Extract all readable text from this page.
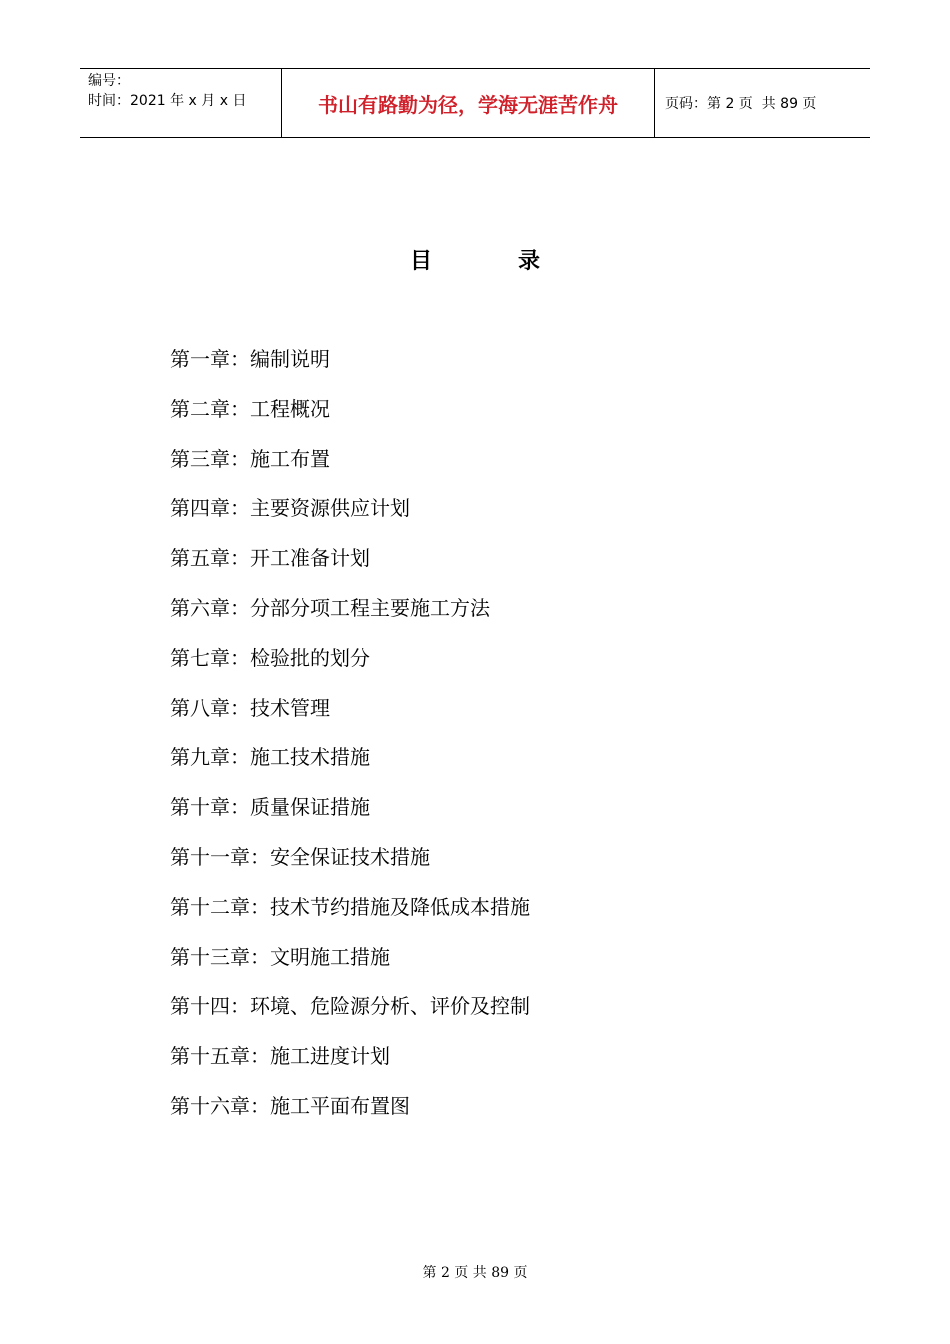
编号：
时间：2021 年 x 月 x 日	书山有路勤为径，学海无涯苦作舟	页码：第 2 页  共 89 页
目	录
第一章：编制说明
第二章：工程概况
第三章：施工布置
第四章：主要资源供应计划
第五章：开工准备计划
第六章：分部分项工程主要施工方法
第七章：检验批的划分
第八章：技术管理
第九章：施工技术措施
第十章：质量保证措施
第十一章：安全保证技术措施
第十二章：技术节约措施及降低成本措施
第十三章：文明施工措施
第十四：环境、危险源分析、评价及控制
第十五章：施工进度计划
第十六章：施工平面布置图
第 2 页 共 89 页
